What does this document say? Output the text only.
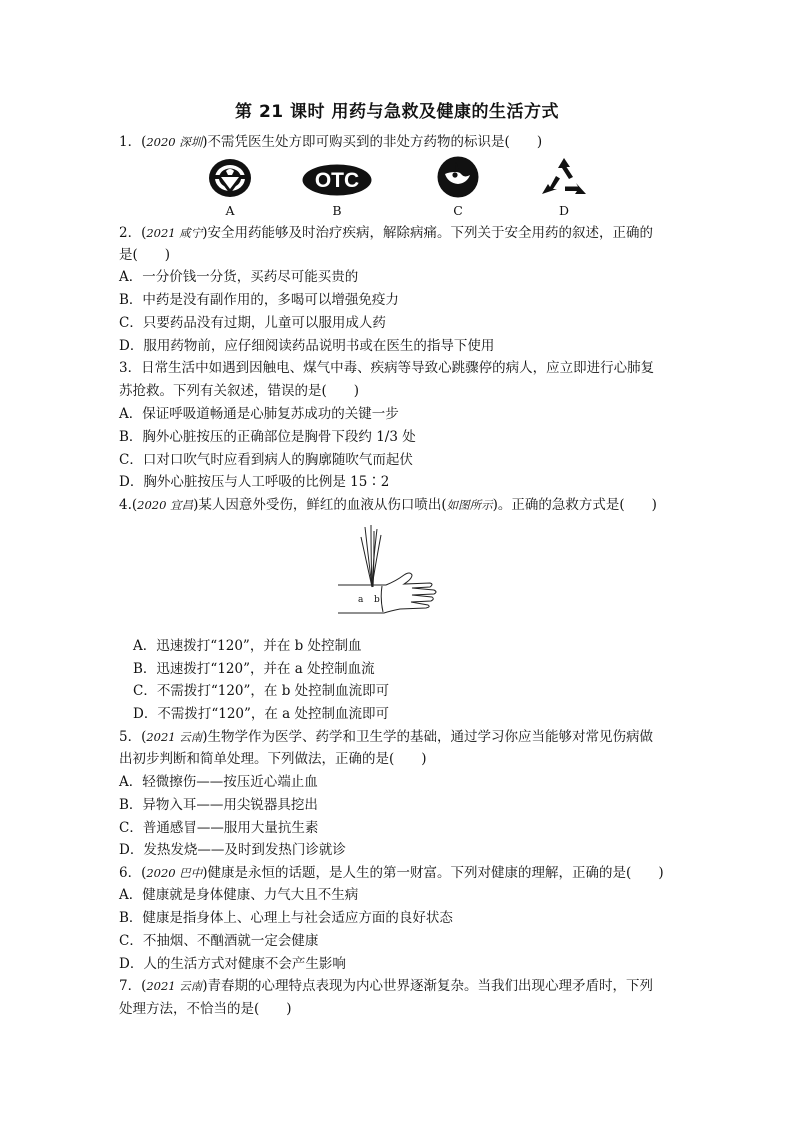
第 21 课时 用药与急救及健康的生活方式
1．(2020 深圳)不需凭医生处方即可购买到的非处方药物的标识是(　　)
OTC
A	B	C	D
2．(2021 咸宁)安全用药能够及时治疗疾病，解除病痛。下列关于安全用药的叙述，正确的
是(　　)
A．一分价钱一分货，买药尽可能买贵的
B．中药是没有副作用的，多喝可以增强免疫力
C．只要药品没有过期，儿童可以服用成人药
D．服用药物前，应仔细阅读药品说明书或在医生的指导下使用
3．日常生活中如遇到因触电、煤气中毒、疾病等导致心跳骤停的病人，应立即进行心肺复
苏抢救。下列有关叙述，错误的是(　　)
A．保证呼吸道畅通是心肺复苏成功的关键一步
B．胸外心脏按压的正确部位是胸骨下段约 1/3 处
C．口对口吹气时应看到病人的胸廓随吹气而起伏
D．胸外心脏按压与人工呼吸的比例是 15∶2
4.(2020 宜昌)某人因意外受伤，鲜红的血液从伤口喷出(如图所示)。正确的急救方式是(　　)
a b
A．迅速拨打“120”，并在 b 处控制血
B．迅速拨打“120”，并在 a 处控制血流
C．不需拨打“120”，在 b 处控制血流即可
D．不需拨打“120”，在 a 处控制血流即可
5．(2021 云南)生物学作为医学、药学和卫生学的基础，通过学习你应当能够对常见伤病做
出初步判断和简单处理。下列做法，正确的是(　　)
A．轻微擦伤——按压近心端止血
B．异物入耳——用尖锐器具挖出
C．普通感冒——服用大量抗生素
D．发热发烧——及时到发热门诊就诊
6．(2020 巴中)健康是永恒的话题，是人生的第一财富。下列对健康的理解，正确的是(　　)
A．健康就是身体健康、力气大且不生病
B．健康是指身体上、心理上与社会适应方面的良好状态
C．不抽烟、不酗酒就一定会健康
D．人的生活方式对健康不会产生影响
7．(2021 云南)青春期的心理特点表现为内心世界逐渐复杂。当我们出现心理矛盾时，下列
处理方法，不恰当的是(　　)
